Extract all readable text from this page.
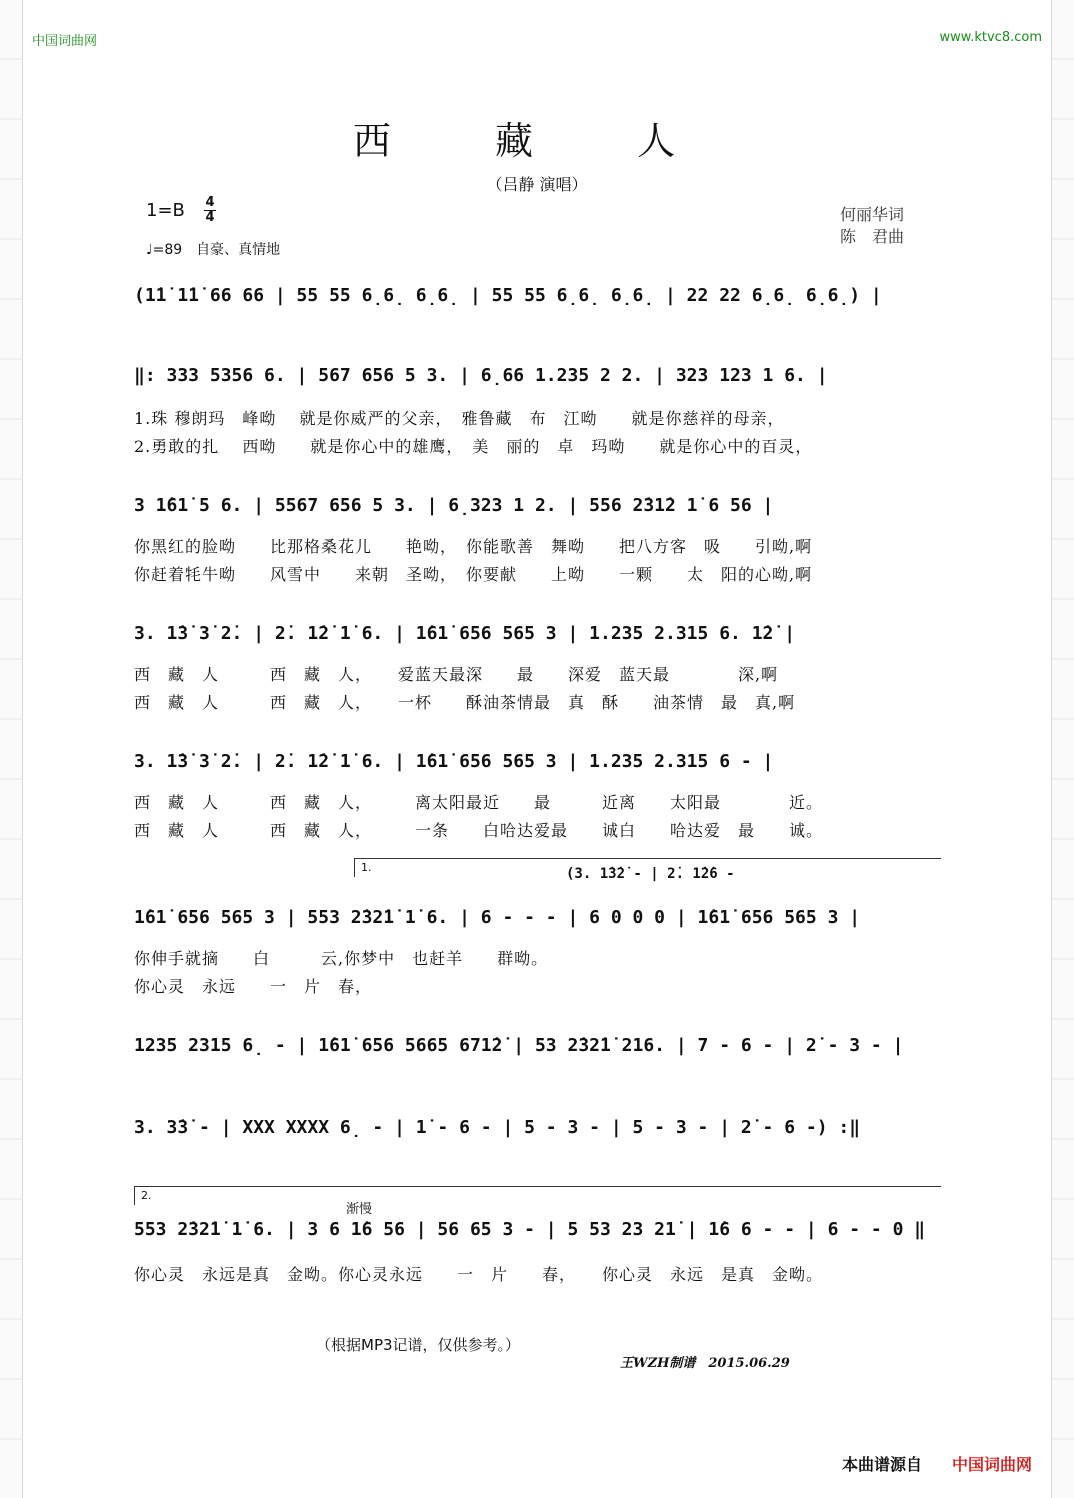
中国词曲网	www.ktvc8.com
西 藏 人
（吕静 演唱）
1=B 4
4
♩=89　自豪、真情地
何丽华词
陈　君曲
(1̇1̇ 1̇1̇ 66 66 | 55 55 6̣6̣ 6̣6̣ | 55 55 6̣6̣ 6̣6̣ | 22 22 6̣6̣ 6̣6̣) |
‖: 333 5356 6. | 567 656 5 3. | 6̣66 1.235 2 2. | 323 123 1 6. |
1.珠 穆朗玛　峰呦　 就是你威严的父亲，　雅鲁藏　布　江呦　　就是你慈祥的母亲，
2.勇敢的扎　 西呦　　就是你心中的雄鹰，　美　丽的　卓　玛呦　　就是你心中的百灵，
3 1̇61̇ 5 6. | 5567 656 5 3. | 6̣323 1 2. | 556 2̇31̇2 1̇ 6 56 |
你黑红的脸呦　　比那格桑花儿　　艳呦，　你能歌善　舞呦　　把八方客　吸　　引呦,啊
你赶着牦牛呦　　风雪中　　来朝　圣呦，　你要献　　上呦　　一颗　　太　阳的心呦,啊
3. 1̇3̇ 3̇ 2̇. | 2̇. 1̇2̇ 1̇ 6. | 1̇61̇ 656 565 3 | 1.235 2.315 6. 1̇2̇ |
西　藏　人　　　西　藏　人，　　爱蓝天最深　　最　　深爱　蓝天最　　　　深,啊
西　藏　人　　　西　藏　人，　　一杯　　酥油茶情最　真　酥　　油茶情　最　真,啊
3. 1̇3̇ 3̇ 2̇. | 2̇. 1̇2̇ 1̇ 6. | 1̇61̇ 656 565 3 | 1.235 2.315 6 - |
西　藏　人　　　西　藏　人，　　　离太阳最近　　最　　　近离　　太阳最　　　　近。
西　藏　人　　　西　藏　人，　　　一条　　白哈达爱最　　诚白　　哈达爱　最　　诚。
1.	(3. 1̇3̇2̇ - | 2̇. 1̇2̇6 -
1̇61̇ 656 565 3 | 553 2̇32̇1̇ 1̇ 6. | 6 - - - | 6 0 0 0 | 1̇61̇ 656 565 3 |
你伸手就摘　　白　　　云,你梦中　也赶羊　　群呦。
你心灵　永远　　一　片　春，
1235 2315 6̣ - | 1̇61̇ 656 5665 671̇2̇ | 53 2̇32̇1̇ 216. | 7 - 6 - | 2̇ - 3 - |
3. 3̇3̇ - | XXX XXXX 6̣ - | 1̇ - 6 - | 5 - 3 - | 5 - 3 - | 2̇ - 6 -) :‖
2.
渐慢
553 2̇32̇1̇ 1̇ 6. | 3 6 1̇6 56 | 56 65 3 - | 5 53 23 21̇ | 1̇6 6 - - | 6 - - 0 ‖
你心灵　永远是真　金呦。你心灵永远　　一　片　　春，　　你心灵　永远　是真　金呦。
（根据MP3记谱，仅供参考。）
王WZH制谱　2015.06.29
本曲谱源自 中国词曲网
